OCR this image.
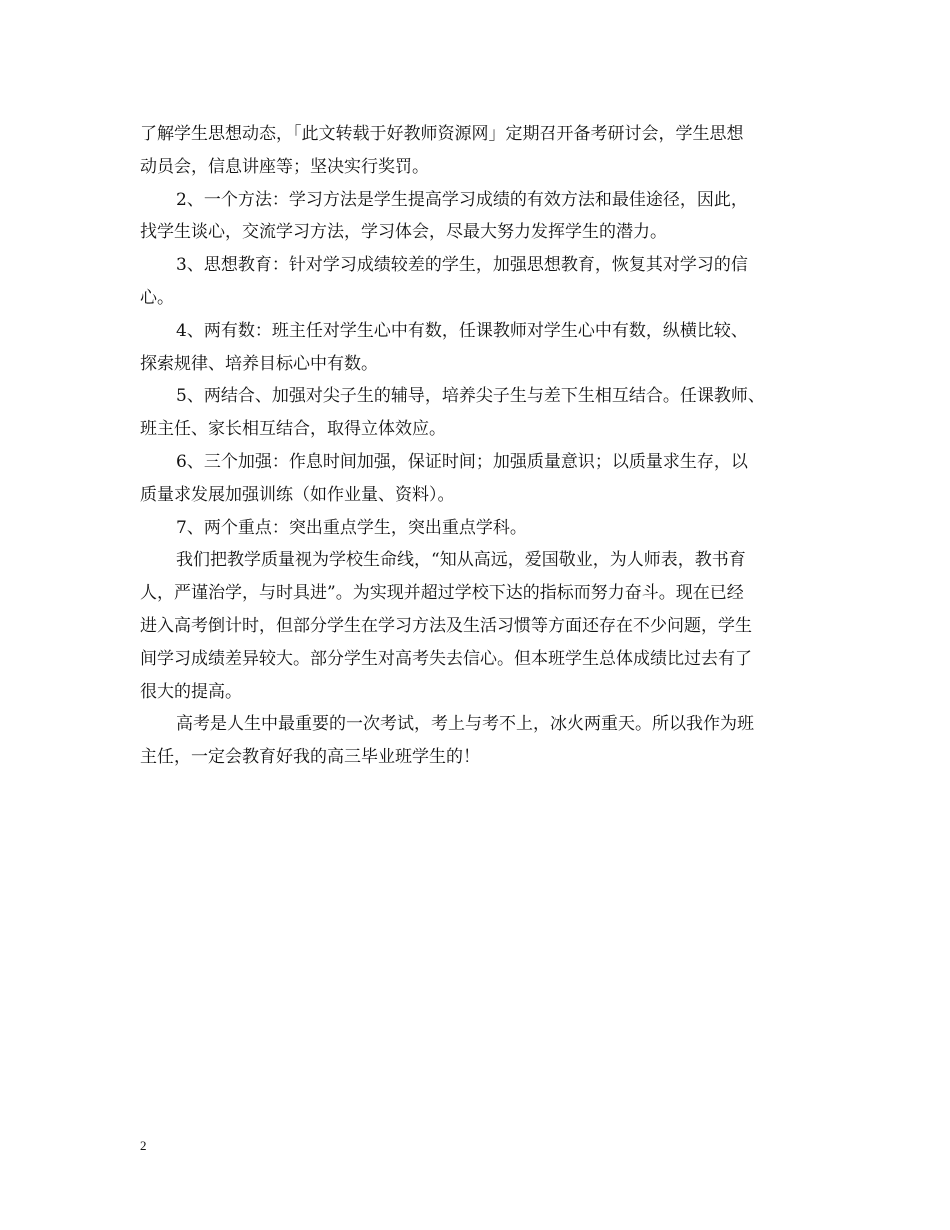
了解学生思想动态，「此文转载于好教师资源网」定期召开备考研讨会，学生思想
动员会，信息讲座等；坚决实行奖罚。

2、一个方法：学习方法是学生提高学习成绩的有效方法和最佳途径，因此，
找学生谈心，交流学习方法，学习体会，尽最大努力发挥学生的潜力。

3、思想教育：针对学习成绩较差的学生，加强思想教育，恢复其对学习的信
心。

4、两有数：班主任对学生心中有数，任课教师对学生心中有数，纵横比较、
探索规律、培养目标心中有数。

5、两结合、加强对尖子生的辅导，培养尖子生与差下生相互结合。任课教师、
班主任、家长相互结合，取得立体效应。

6、三个加强：作息时间加强，保证时间；加强质量意识；以质量求生存，以
质量求发展加强训练（如作业量、资料）。

7、两个重点：突出重点学生，突出重点学科。

我们把教学质量视为学校生命线，“知从高远，爱国敬业，为人师表，教书育
人，严谨治学，与时具进”。为实现并超过学校下达的指标而努力奋斗。现在已经
进入高考倒计时，但部分学生在学习方法及生活习惯等方面还存在不少问题，学生
间学习成绩差异较大。部分学生对高考失去信心。但本班学生总体成绩比过去有了
很大的提高。

高考是人生中最重要的一次考试，考上与考不上，冰火两重天。所以我作为班
主任，一定会教育好我的高三毕业班学生的！

2
